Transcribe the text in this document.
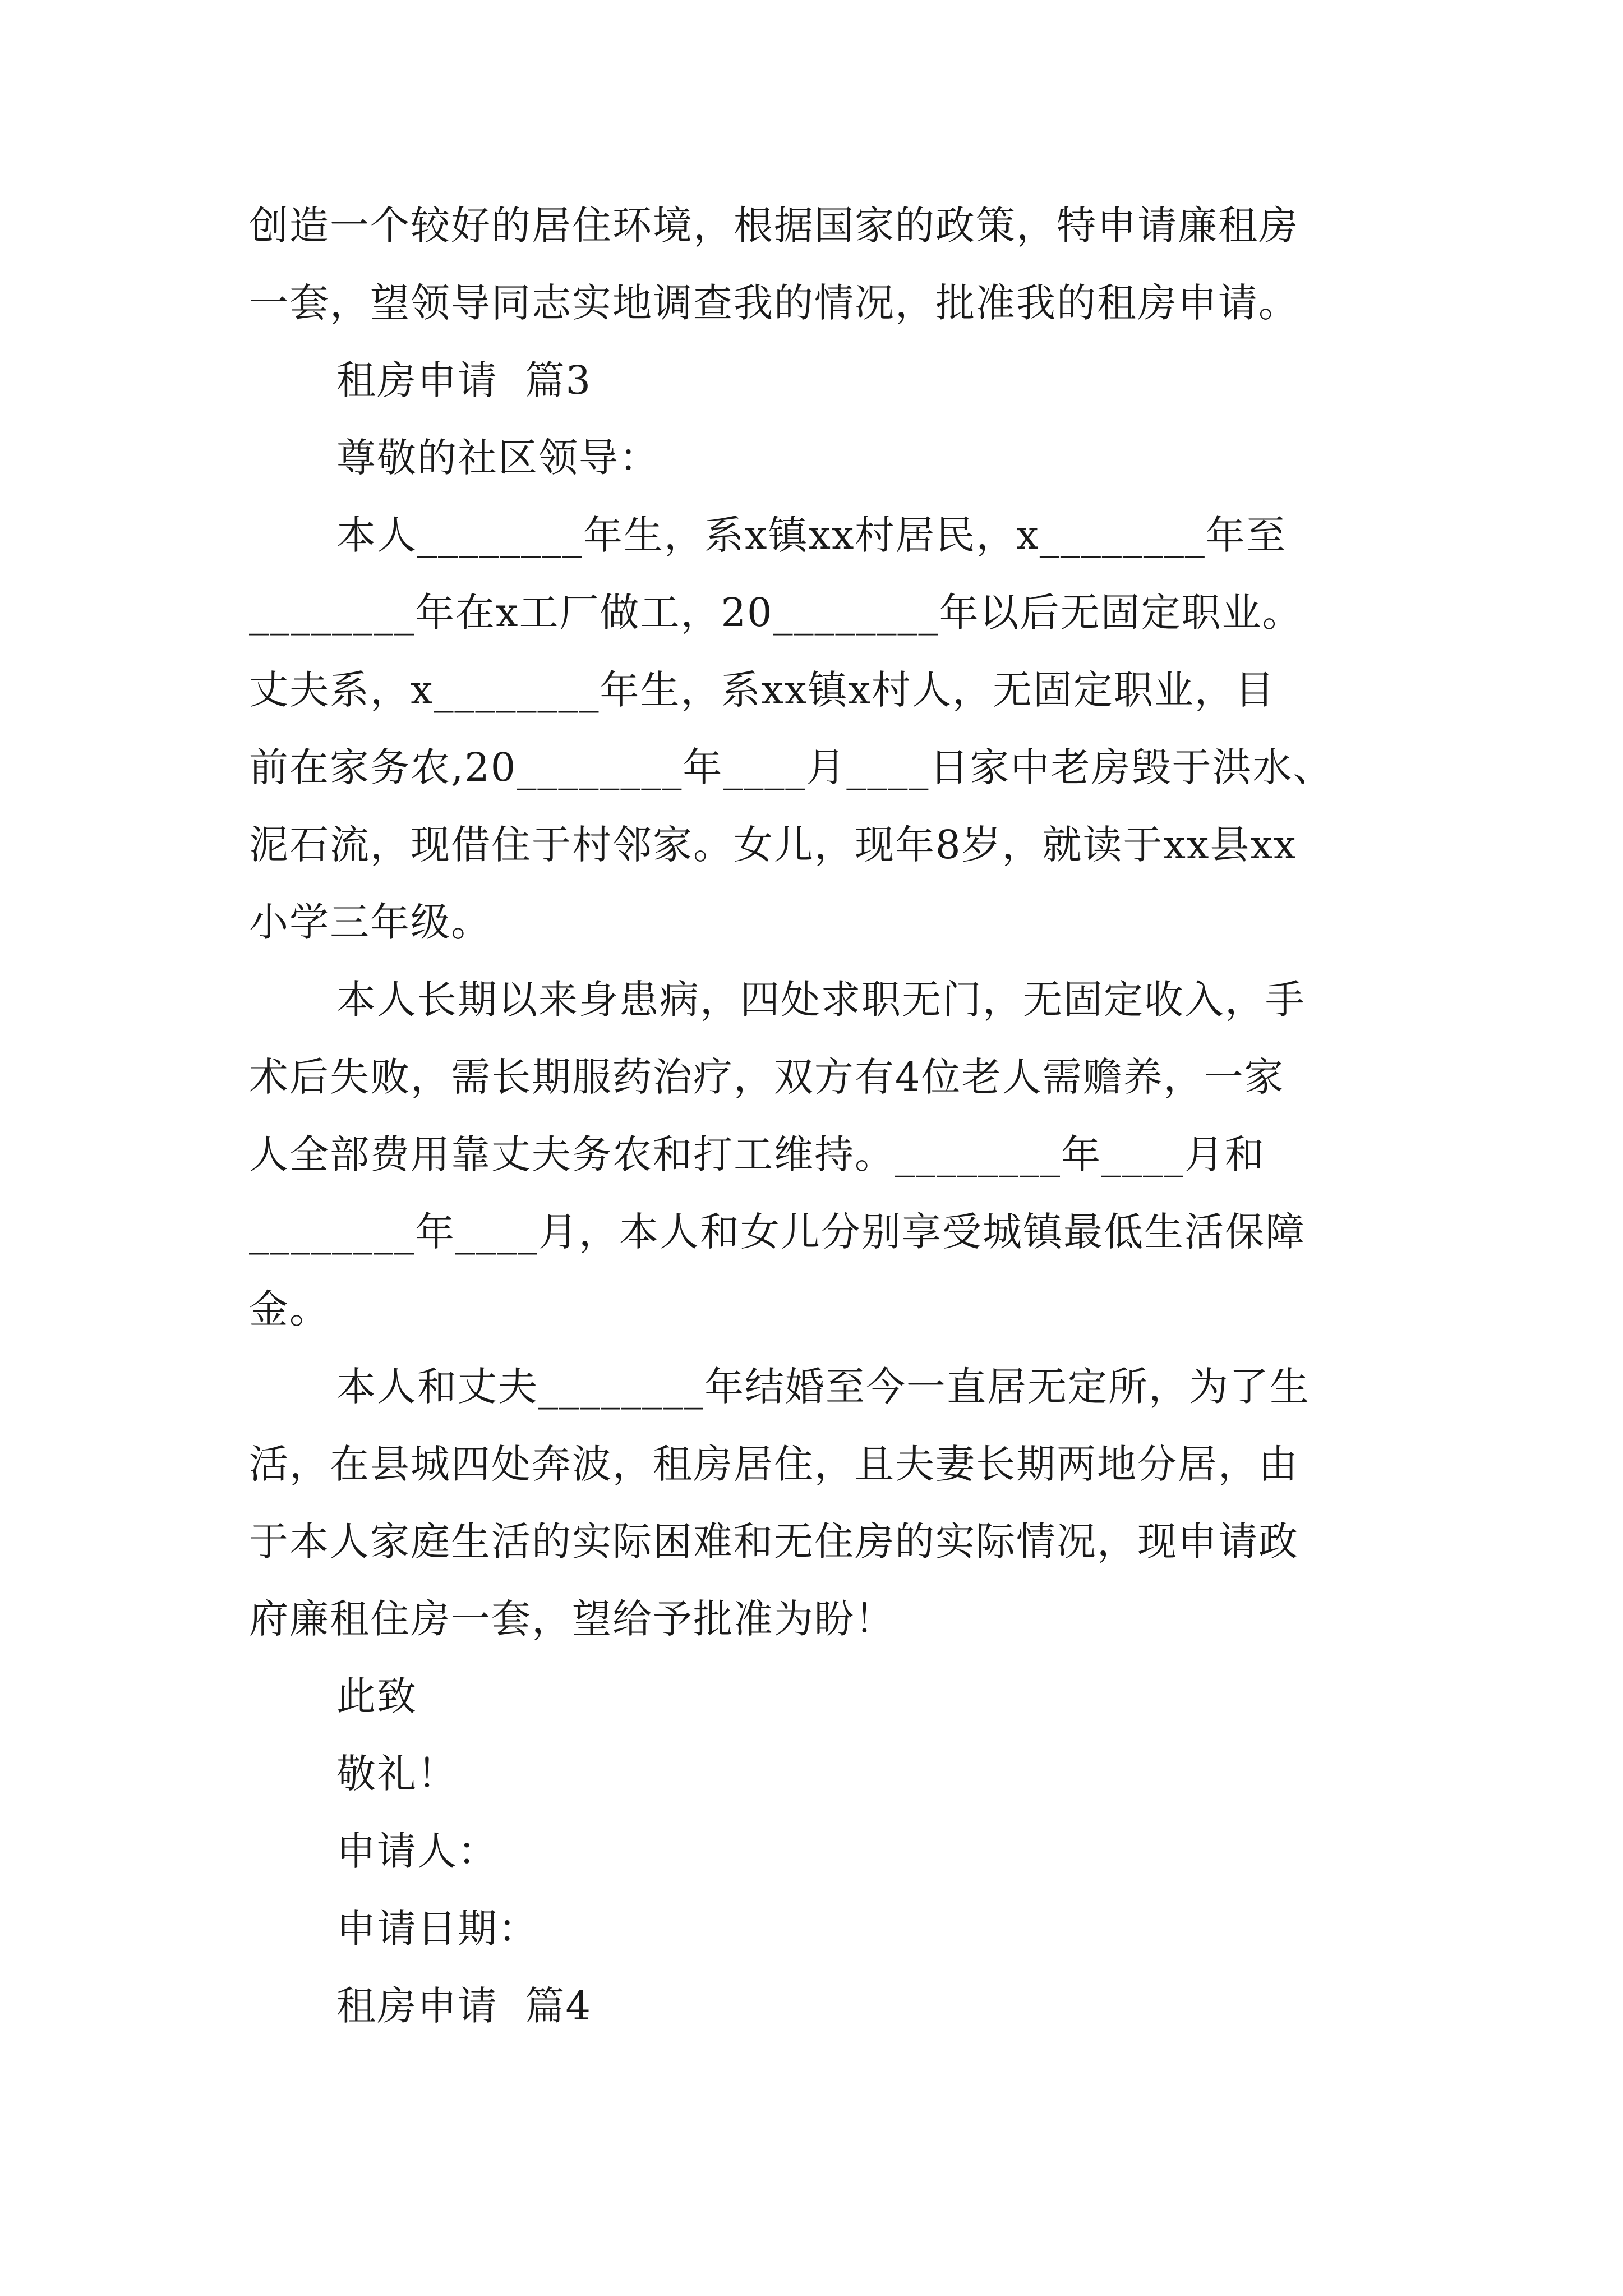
创造一个较好的居住环境，根据国家的政策，特申请廉租房
一套，望领导同志实地调查我的情况，批准我的租房申请。
租房申请  篇3
尊敬的社区领导：
本人________年生，系x镇xx村居民，x________年至
________年在x工厂做工，20________年以后无固定职业。
丈夫系，x________年生，系xx镇x村人，无固定职业，目
前在家务农,20________年____月____日家中老房毁于洪水、
泥石流，现借住于村邻家。女儿，现年8岁，就读于xx县xx
小学三年级。
本人长期以来身患病，四处求职无门，无固定收入，手
术后失败，需长期服药治疗，双方有4位老人需赡养，一家
人全部费用靠丈夫务农和打工维持。________年____月和
________年____月，本人和女儿分别享受城镇最低生活保障
金。
本人和丈夫________年结婚至今一直居无定所，为了生
活，在县城四处奔波，租房居住，且夫妻长期两地分居，由
于本人家庭生活的实际困难和无住房的实际情况，现申请政
府廉租住房一套，望给予批准为盼！
此致
敬礼！
申请人：
申请日期：
租房申请  篇4
